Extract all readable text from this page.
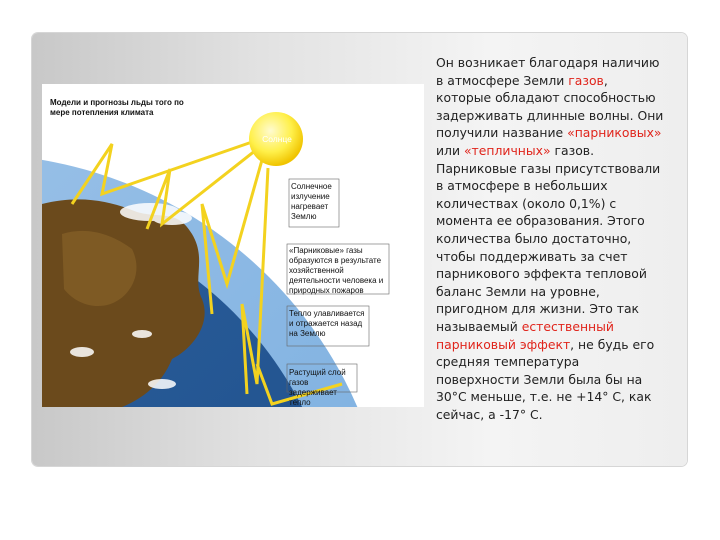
Модели и прогнозы льды того по мере потепления климата
Солнце
Солнечное излучение нагревает Землю
«Парниковые» газы образуются в результате хозяйственной деятельности человека и природных пожаров
Тепло улавливается и отражается назад на Землю
Растущий слой газов задерживает тепло
Он возникает благодаря наличию в атмосфере Земли газов, которые обладают способностью задерживать длинные волны. Они получили название «парниковых» или «тепличных» газов. Парниковые газы присутствовали в атмосфере в небольших количествах (около 0,1%) с момента ее образования. Этого количества было достаточно, чтобы поддерживать за счет парникового эффекта тепловой баланс Земли на уровне, пригодном для жизни. Это так называемый естественный парниковый эффект, не будь его средняя температура поверхности Земли была бы на 30°С меньше, т.е. не +14° С, как сейчас, а -17° С.
